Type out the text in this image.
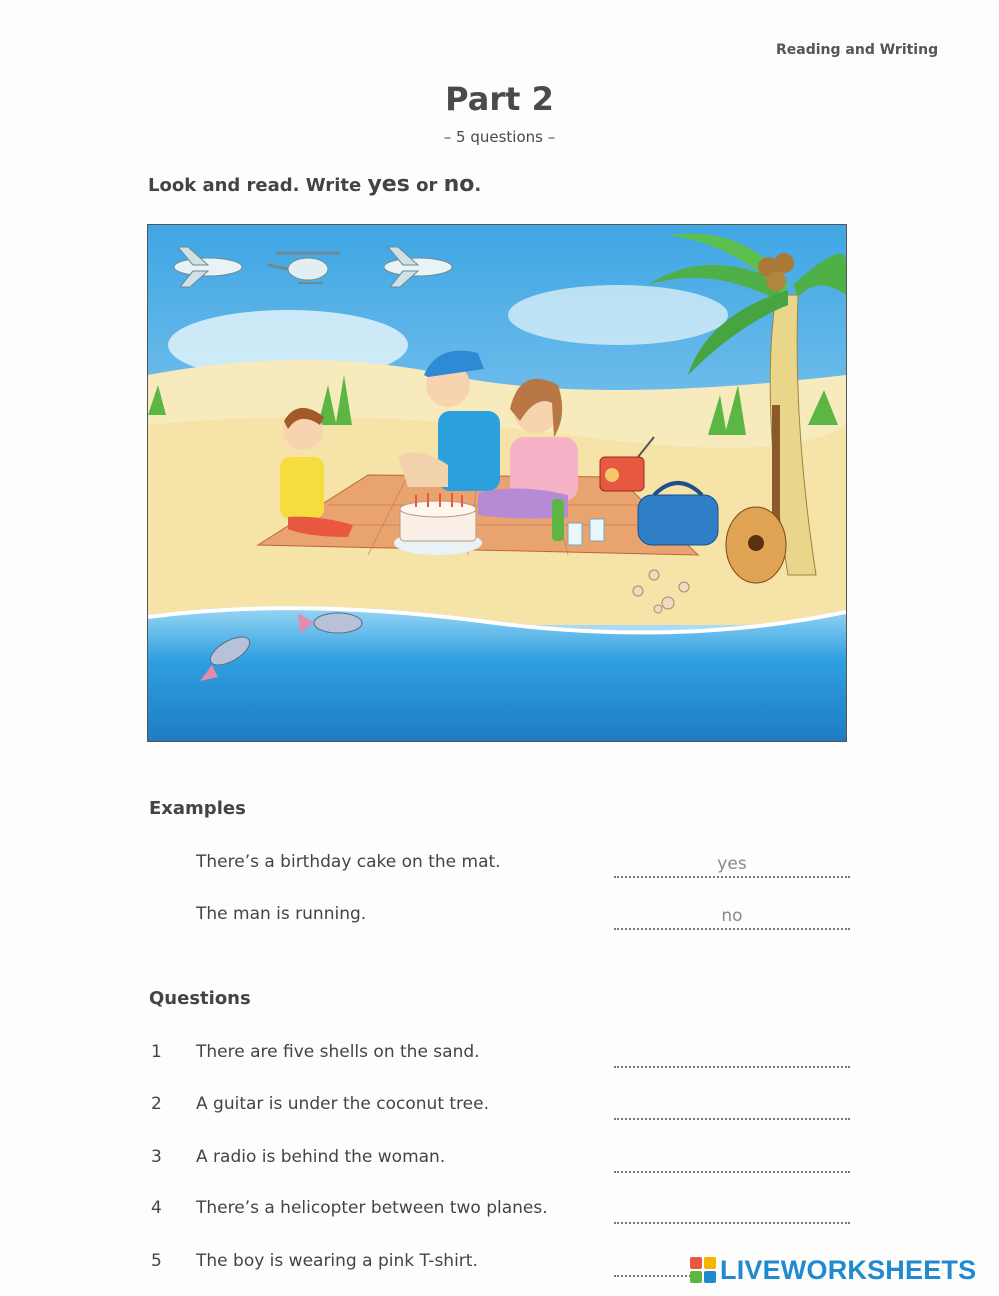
Reading and Writing
Part 2
– 5 questions –
Look and read. Write yes or no.
Examples
There’s a birthday cake on the mat.	yes
The man is running.	no
Questions
1 There are five shells on the sand.
2 A guitar is under the coconut tree.
3 A radio is behind the woman.
4 There’s a helicopter between two planes.
5 The boy is wearing a pink T-shirt.	LIVEWORKSHEETS
